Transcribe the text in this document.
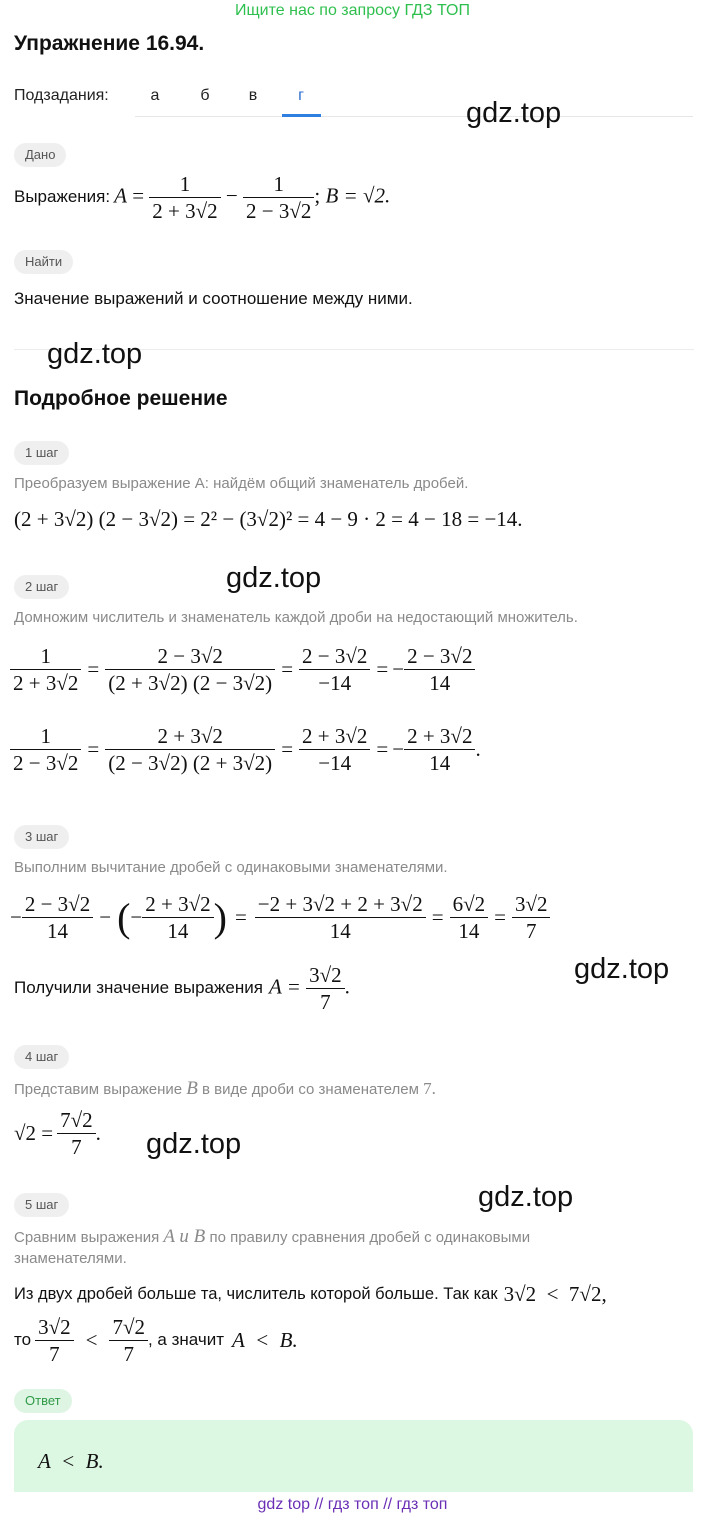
Ищите нас по запросу ГДЗ ТОП
Упражнение 16.94.
Подзадания:	а	б	в	г
gdz.top
Дано
Выражения: $A = \frac{1}{2 + 3√2} - \frac{1}{2 - 3√2}$ ; B = √2.
Найти
Значение выражений и соотношение между ними.
gdz.top
Подробное решение
1 шаг
Преобразуем выражение A: найдём общий знаменатель дробей.
(2 + 3√2) (2 − 3√2) = 2² − (3√2)² = 4 − 9 · 2 = 4 − 18 = −14.
2 шаг	gdz.top
Домножим числитель и знаменатель каждой дроби на недостающий множитель.
$\frac{1}{2 + 3√2} = \frac{2 - 3√2}{(2 + 3√2) (2 - 3√2)} = \frac{2 - 3√2}{-14}$ = − $\frac{2 - 3√2}{14}$
$\frac{1}{2 - 3√2} = \frac{2 + 3√2}{(2 - 3√2) (2 + 3√2)} = \frac{2 + 3√2}{-14}$ = − $\frac{2 + 3√2}{14}$ .
3 шаг
Выполним вычитание дробей с одинаковыми знаменателями.
− $\frac{2 - 3√2}{14}$ − ( − $\frac{2 + 3√2}{14}$ ) = $\frac{-2 + 3√2 + 2 + 3√2}{14} = \frac{6√2}{14} = \frac{3√2}{7}$
Получили значение выражения $A = \frac{3√2}{7}$ .
gdz.top
4 шаг
Представим выражение B в виде дроби со знаменателем 7.
$√2 = \frac{7√2}{7}$ . gdz.top
gdz.top
5 шаг
Сравним выражения A и B по правилу сравнения дробей с одинаковыми
знаменателями.
Из двух дробей больше та, числитель которой больше. Так как 3√2  <  7√2,
то $\frac{3√2}{7} < \frac{7√2}{7}$ , а значит A  <  B.
Ответ
A  <  B.
gdz top // гдз топ // гдз топ
